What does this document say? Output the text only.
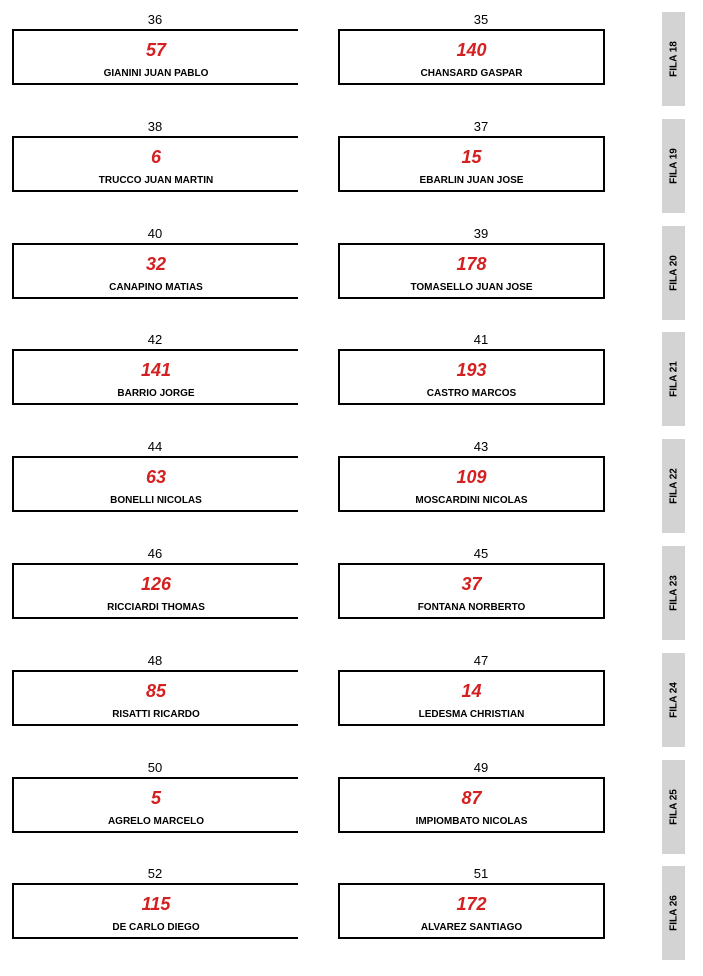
36
57
GIANINI JUAN PABLO
35
140
CHANSARD GASPAR	FILA 18
38
6
TRUCCO JUAN MARTIN
37
15
EBARLIN JUAN JOSE	FILA 19
40
32
CANAPINO MATIAS
39
178
TOMASELLO JUAN JOSE	FILA 20
42
141
BARRIO JORGE
41
193
CASTRO MARCOS	FILA 21
44
63
BONELLI NICOLAS
43
109
MOSCARDINI NICOLAS	FILA 22
46
126
RICCIARDI THOMAS
45
37
FONTANA NORBERTO	FILA 23
48
85
RISATTI RICARDO
47
14
LEDESMA CHRISTIAN	FILA 24
50
5
AGRELO MARCELO
49
87
IMPIOMBATO NICOLAS	FILA 25
52
115
DE CARLO DIEGO
51
172
ALVAREZ SANTIAGO	FILA 26
